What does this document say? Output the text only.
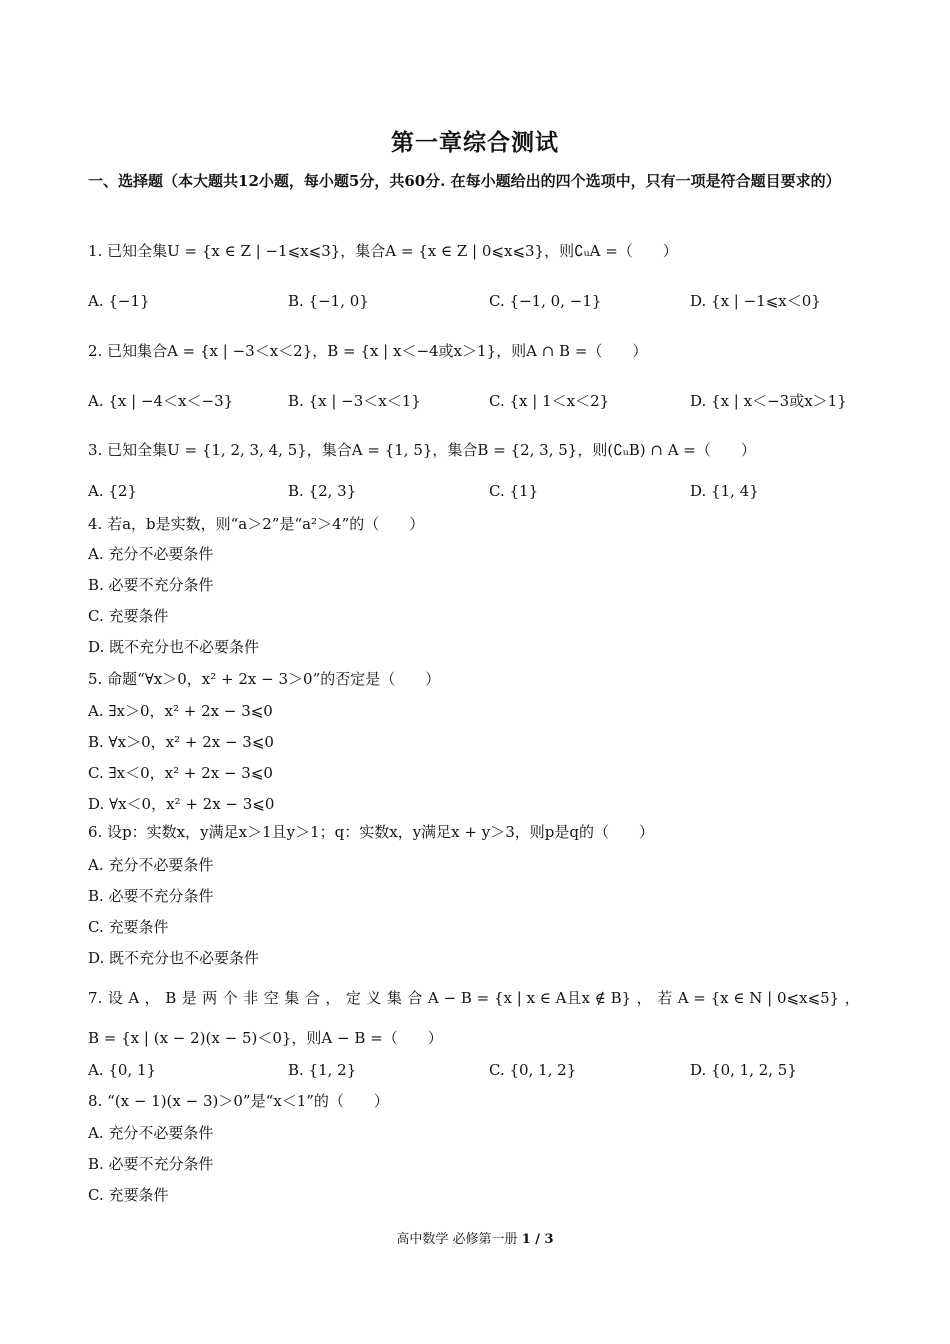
第一章综合测试
一、选择题（本大题共12小题，每小题5分，共60分. 在每小题给出的四个选项中，只有一项是符合题目要求的）
1. 已知全集U = {x ∈ Z | −1⩽x⩽3}，集合A = {x ∈ Z | 0⩽x⩽3}，则∁ᵤA =（　　）
A. {−1}	B. {−1, 0}	C. {−1, 0, −1}	D. {x | −1⩽x＜0}
2. 已知集合A = {x | −3＜x＜2}，B = {x | x＜−4或x＞1}，则A ∩ B =（　　）
A. {x | −4＜x＜−3}	B. {x | −3＜x＜1}	C. {x | 1＜x＜2}	D. {x | x＜−3或x＞1}
3. 已知全集U = {1, 2, 3, 4, 5}，集合A = {1, 5}，集合B = {2, 3, 5}，则(∁ᵤB) ∩ A =（　　）
A. {2}	B. {2, 3}	C. {1}	D. {1, 4}
4. 若a，b是实数，则“a＞2”是“a²＞4”的（　　）
A. 充分不必要条件
B. 必要不充分条件
C. 充要条件
D. 既不充分也不必要条件
5. 命题“∀x＞0，x² + 2x − 3＞0”的否定是（　　）
A. ∃x＞0，x² + 2x − 3⩽0
B. ∀x＞0，x² + 2x − 3⩽0
C. ∃x＜0，x² + 2x − 3⩽0
D. ∀x＜0，x² + 2x − 3⩽0
6. 设p：实数x，y满足x＞1且y＞1；q：实数x，y满足x + y＞3，则p是q的（　　）
A. 充分不必要条件
B. 必要不充分条件
C. 充要条件
D. 既不充分也不必要条件
7. 设 A ， B 是 两 个 非 空 集 合 ， 定 义 集 合 A − B = {x | x ∈ A且x ∉ B} ， 若 A = {x ∈ N | 0⩽x⩽5} ，
B = {x | (x − 2)(x − 5)＜0}，则A − B =（　　）
A. {0, 1}	B. {1, 2}	C. {0, 1, 2}	D. {0, 1, 2, 5}
8. “(x − 1)(x − 3)＞0”是“x＜1”的（　　）
A. 充分不必要条件
B. 必要不充分条件
C. 充要条件
高中数学 必修第一册 1 / 3
